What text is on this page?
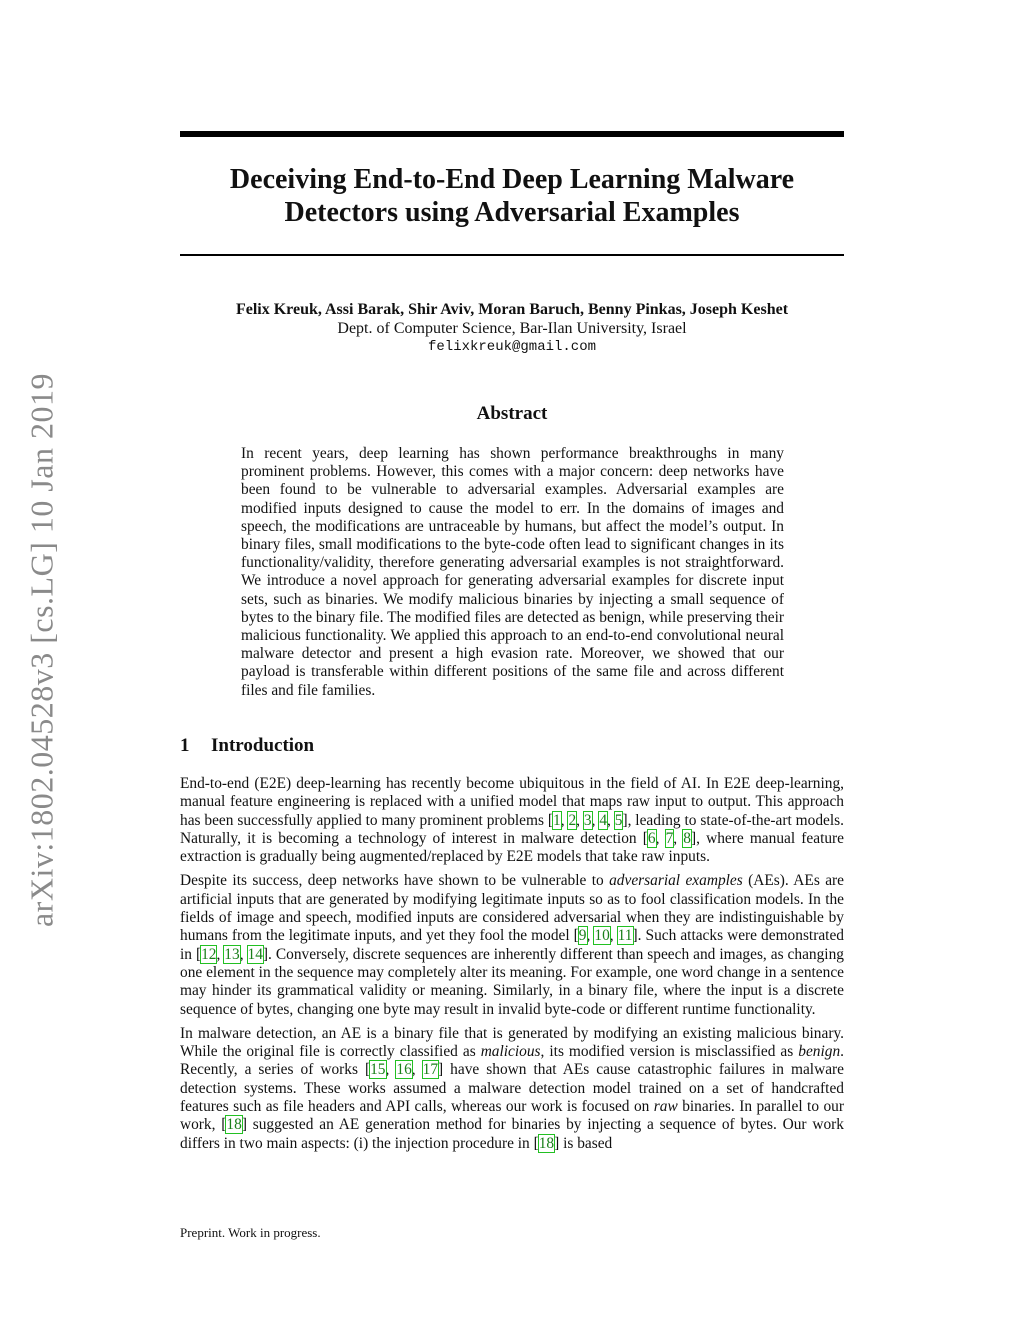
arXiv:1802.04528v3 [cs.LG] 10 Jan 2019
Deceiving End-to-End Deep Learning Malware
Detectors using Adversarial Examples
Felix Kreuk, Assi Barak, Shir Aviv, Moran Baruch, Benny Pinkas, Joseph Keshet
Dept. of Computer Science, Bar-Ilan University, Israel
felixkreuk@gmail.com
Abstract

In recent years, deep learning has shown performance breakthroughs in many prominent problems. However, this comes with a major concern: deep networks have been found to be vulnerable to adversarial examples. Adversarial examples are modified inputs designed to cause the model to err. In the domains of images and speech, the modifications are untraceable by humans, but affect the model’s output. In binary files, small modifications to the byte-code often lead to significant changes in its functionality/validity, therefore generating adversarial examples is not straightforward. We introduce a novel approach for generating adversarial examples for discrete input sets, such as binaries. We modify malicious binaries by injecting a small sequence of bytes to the binary file. The modified files are detected as benign, while preserving their malicious functionality. We applied this approach to an end-to-end convolutional neural malware detector and present a high evasion rate. Moreover, we showed that our payload is transferable within different positions of the same file and across different files and file families.

1 Introduction

End-to-end (E2E) deep-learning has recently become ubiquitous in the field of AI. In E2E deep-learning, manual feature engineering is replaced with a unified model that maps raw input to output. This approach has been successfully applied to many prominent problems [1, 2, 3, 4, 5], leading to state-of-the-art models. Naturally, it is becoming a technology of interest in malware detection [6, 7, 8], where manual feature extraction is gradually being augmented/replaced by E2E models that take raw inputs.

Despite its success, deep networks have shown to be vulnerable to adversarial examples (AEs). AEs are artificial inputs that are generated by modifying legitimate inputs so as to fool classification models. In the fields of image and speech, modified inputs are considered adversarial when they are indistinguishable by humans from the legitimate inputs, and yet they fool the model [9, 10, 11]. Such attacks were demonstrated in [12, 13, 14]. Conversely, discrete sequences are inherently different than speech and images, as changing one element in the sequence may completely alter its meaning. For example, one word change in a sentence may hinder its grammatical validity or meaning. Similarly, in a binary file, where the input is a discrete sequence of bytes, changing one byte may result in invalid byte-code or different runtime functionality.

In malware detection, an AE is a binary file that is generated by modifying an existing malicious binary. While the original file is correctly classified as malicious, its modified version is misclassified as benign. Recently, a series of works [15, 16, 17] have shown that AEs cause catastrophic failures in malware detection systems. These works assumed a malware detection model trained on a set of handcrafted features such as file headers and API calls, whereas our work is focused on raw binaries. In parallel to our work, [18] suggested an AE generation method for binaries by injecting a sequence of bytes. Our work differs in two main aspects: (i) the injection procedure in [18] is based

Preprint. Work in progress.
